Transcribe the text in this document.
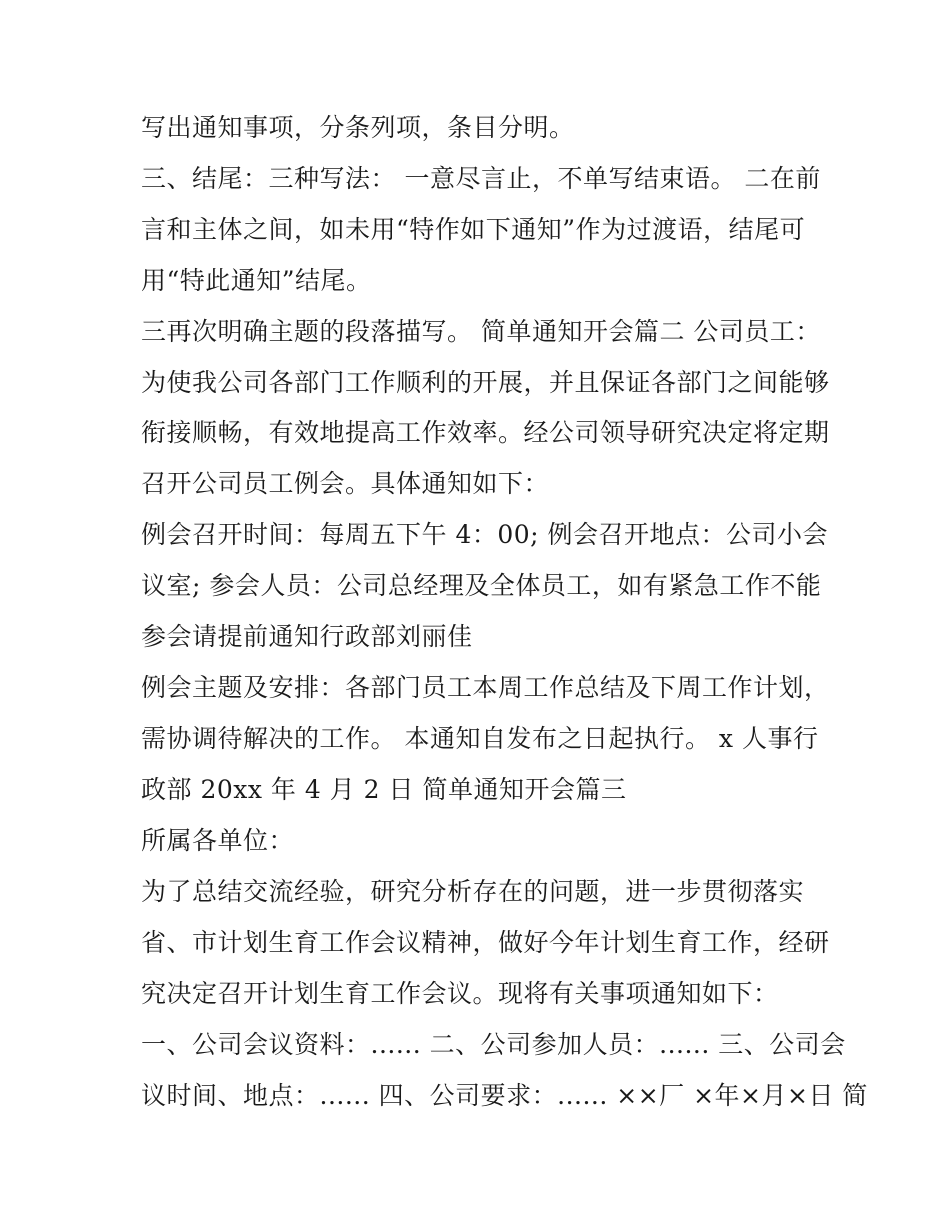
写出通知事项，分条列项，条目分明。
三、结尾：三种写法： 一意尽言止，不单写结束语。 二在前
言和主体之间，如未用“特作如下通知”作为过渡语，结尾可
用“特此通知”结尾。
三再次明确主题的段落描写。 简单通知开会篇二 公司员工：
为使我公司各部门工作顺利的开展，并且保证各部门之间能够
衔接顺畅，有效地提高工作效率。经公司领导研究决定将定期
召开公司员工例会。具体通知如下：
例会召开时间：每周五下午 4：00; 例会召开地点：公司小会
议室; 参会人员：公司总经理及全体员工，如有紧急工作不能
参会请提前通知行政部刘丽佳
例会主题及安排：各部门员工本周工作总结及下周工作计划，
需协调待解决的工作。 本通知自发布之日起执行。 x 人事行
政部 20xx 年 4 月 2 日 简单通知开会篇三
所属各单位：
为了总结交流经验，研究分析存在的问题，进一步贯彻落实
省、市计划生育工作会议精神，做好今年计划生育工作，经研
究决定召开计划生育工作会议。现将有关事项通知如下：
一、公司会议资料：...... 二、公司参加人员：...... 三、公司会
议时间、地点：...... 四、公司要求：...... ××厂 ×年×月×日 简
